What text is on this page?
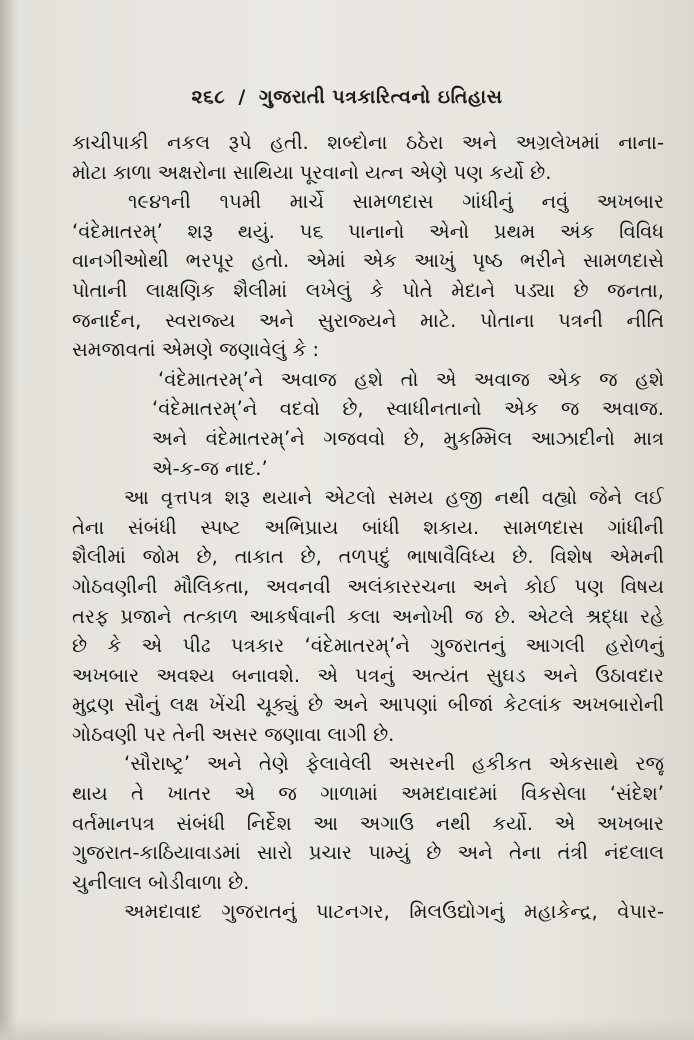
૨૬૮ / ગુજરાતી પત્રકારિત્વનો ઇતિહાસ
કાચીપાકી નકલ રૂપે હતી. શબ્દોના ઠઠેરા અને અગ્રલેખમાં નાના-
મોટા કાળા અક્ષરોના સાથિયા પૂરવાનો યત્ન એણે પણ કર્યો છે.
૧૯૪૧ની ૧૫મી માર્ચે સામળદાસ ગાંધીનું નવું અખબાર
‘વંદેમાતરમ્’ શરૂ થયું. ૫૬ પાનાનો એનો પ્રથમ અંક વિવિધ
વાનગીઓથી ભરપૂર હતો. એમાં એક આખું પૃષ્ઠ ભરીને સામળદાસે
પોતાની લાક્ષણિક શૈલીમાં લખેલું કે પોતે મેદાને પડ્યા છે જનતા,
જનાર્દન, સ્વરાજ્ય અને સુરાજ્યને માટે. પોતાના પત્રની નીતિ
સમજાવતાં એમણે જણાવેલું કે :
‘વંદેમાતરમ્’ને અવાજ હશે તો એ અવાજ એક જ હશે
‘વંદેમાતરમ્’ને વદવો છે, સ્વાધીનતાનો એક જ અવાજ.
અને વંદેમાતરમ્’ને ગજવવો છે, મુકમ્મિલ આઝાદીનો માત્ર
એ-ક-જ નાદ.’
આ વૃત્તપત્ર શરૂ થયાને એટલો સમય હજી નથી વહ્યો જેને લઈ
તેના સંબંધી સ્પષ્ટ અભિપ્રાય બાંધી શકાય. સામળદાસ ગાંધીની
શૈલીમાં જોમ છે, તાકાત છે, તળપદું ભાષાવૈવિધ્ય છે. વિશેષ એમની
ગોઠવણીની મૌલિકતા, અવનવી અલંકારરચના અને કોઈ પણ વિષય
તરફ પ્રજાને તત્કાળ આકર્ષવાની કલા અનોખી જ છે. એટલે શ્રદ્ધા રહે
છે કે એ પીઢ પત્રકાર ‘વંદેમાતરમ્’ને ગુજરાતનું આગલી હરોળનું
અખબાર અવશ્ય બનાવશે. એ પત્રનું અત્યંત સુઘડ અને ઉઠાવદાર
મુદ્રણ સૌનું લક્ષ ખેંચી ચૂક્યું છે અને આપણાં બીજાં કેટલાંક અખબારોની
ગોઠવણી પર તેની અસર જણાવા લાગી છે.
‘સૌરાષ્ટ્ર’ અને તેણે ફેલાવેલી અસરની હકીકત એકસાથે રજૂ
થાય તે ખાતર એ જ ગાળામાં અમદાવાદમાં વિકસેલા ‘સંદેશ’
વર્તમાનપત્ર સંબંધી નિર્દેશ આ અગાઉ નથી કર્યો. એ અખબાર
ગુજરાત-કાઠિયાવાડમાં સારો પ્રચાર પામ્યું છે અને તેના તંત્રી નંદલાલ
ચુનીલાલ બોડીવાળા છે.
અમદાવાદ ગુજરાતનું પાટનગર, મિલઉદ્યોગનું મહાકેન્દ્ર, વેપાર-
